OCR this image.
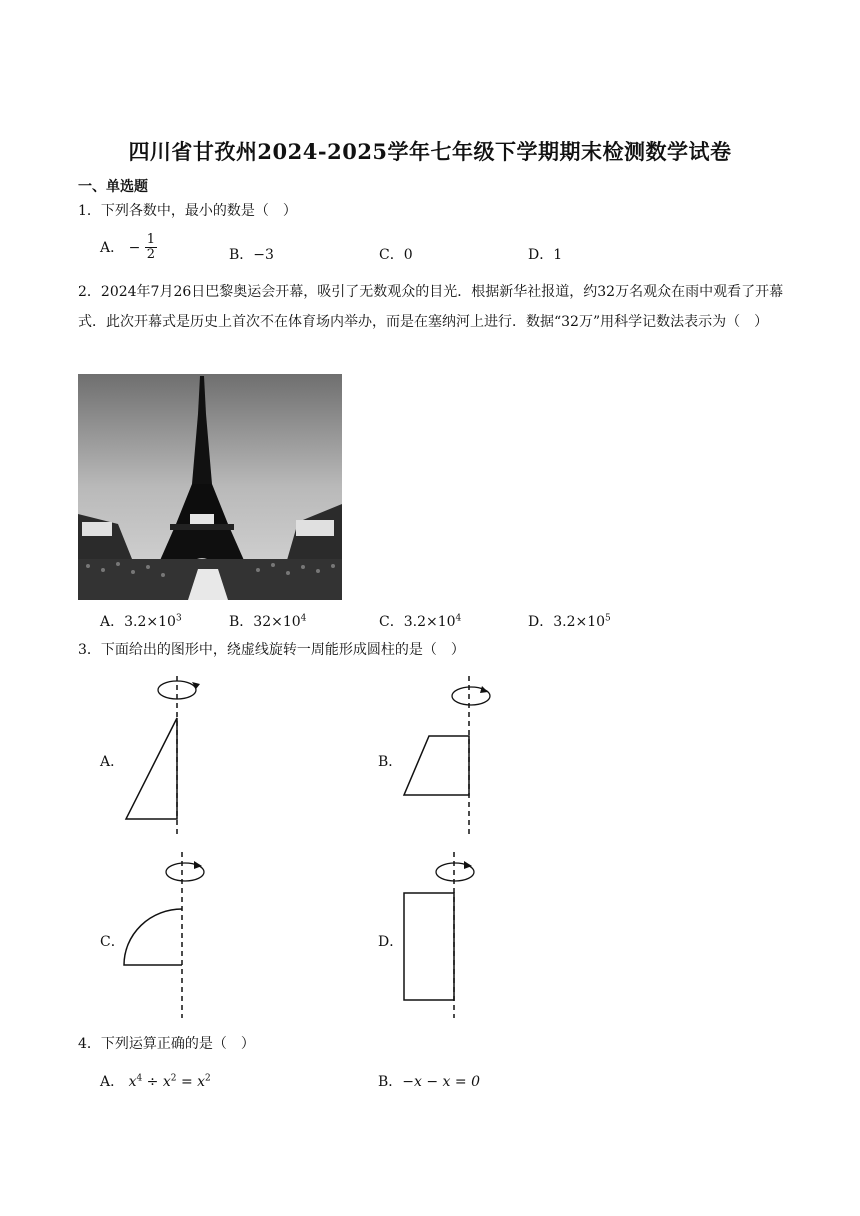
四川省甘孜州2024-2025学年七年级下学期期末检测数学试卷
一、单选题
1．下列各数中，最小的数是（　）
A． − $\frac{1}{2}$	B．−3	C．0	D．1
2．2024年7月26日巴黎奥运会开幕，吸引了无数观众的目光．根据新华社报道，约32万名观众在雨中观看了开幕式．此次开幕式是历史上首次不在体育场内举办，而是在塞纳河上进行．数据“32万”用科学记数法表示为（　）
A．$3.2\times 10^3$	B．$32\times 10^4$	C．$3.2\times 10^4$	D．$3.2\times 10^5$
3．下面给出的图形中，绕虚线旋转一周能形成圆柱的是（　）
A．	B．
C．	D．
4．下列运算正确的是（　）
A． $x^4 \div x^2 = x^2$	B．−x − x = 0
